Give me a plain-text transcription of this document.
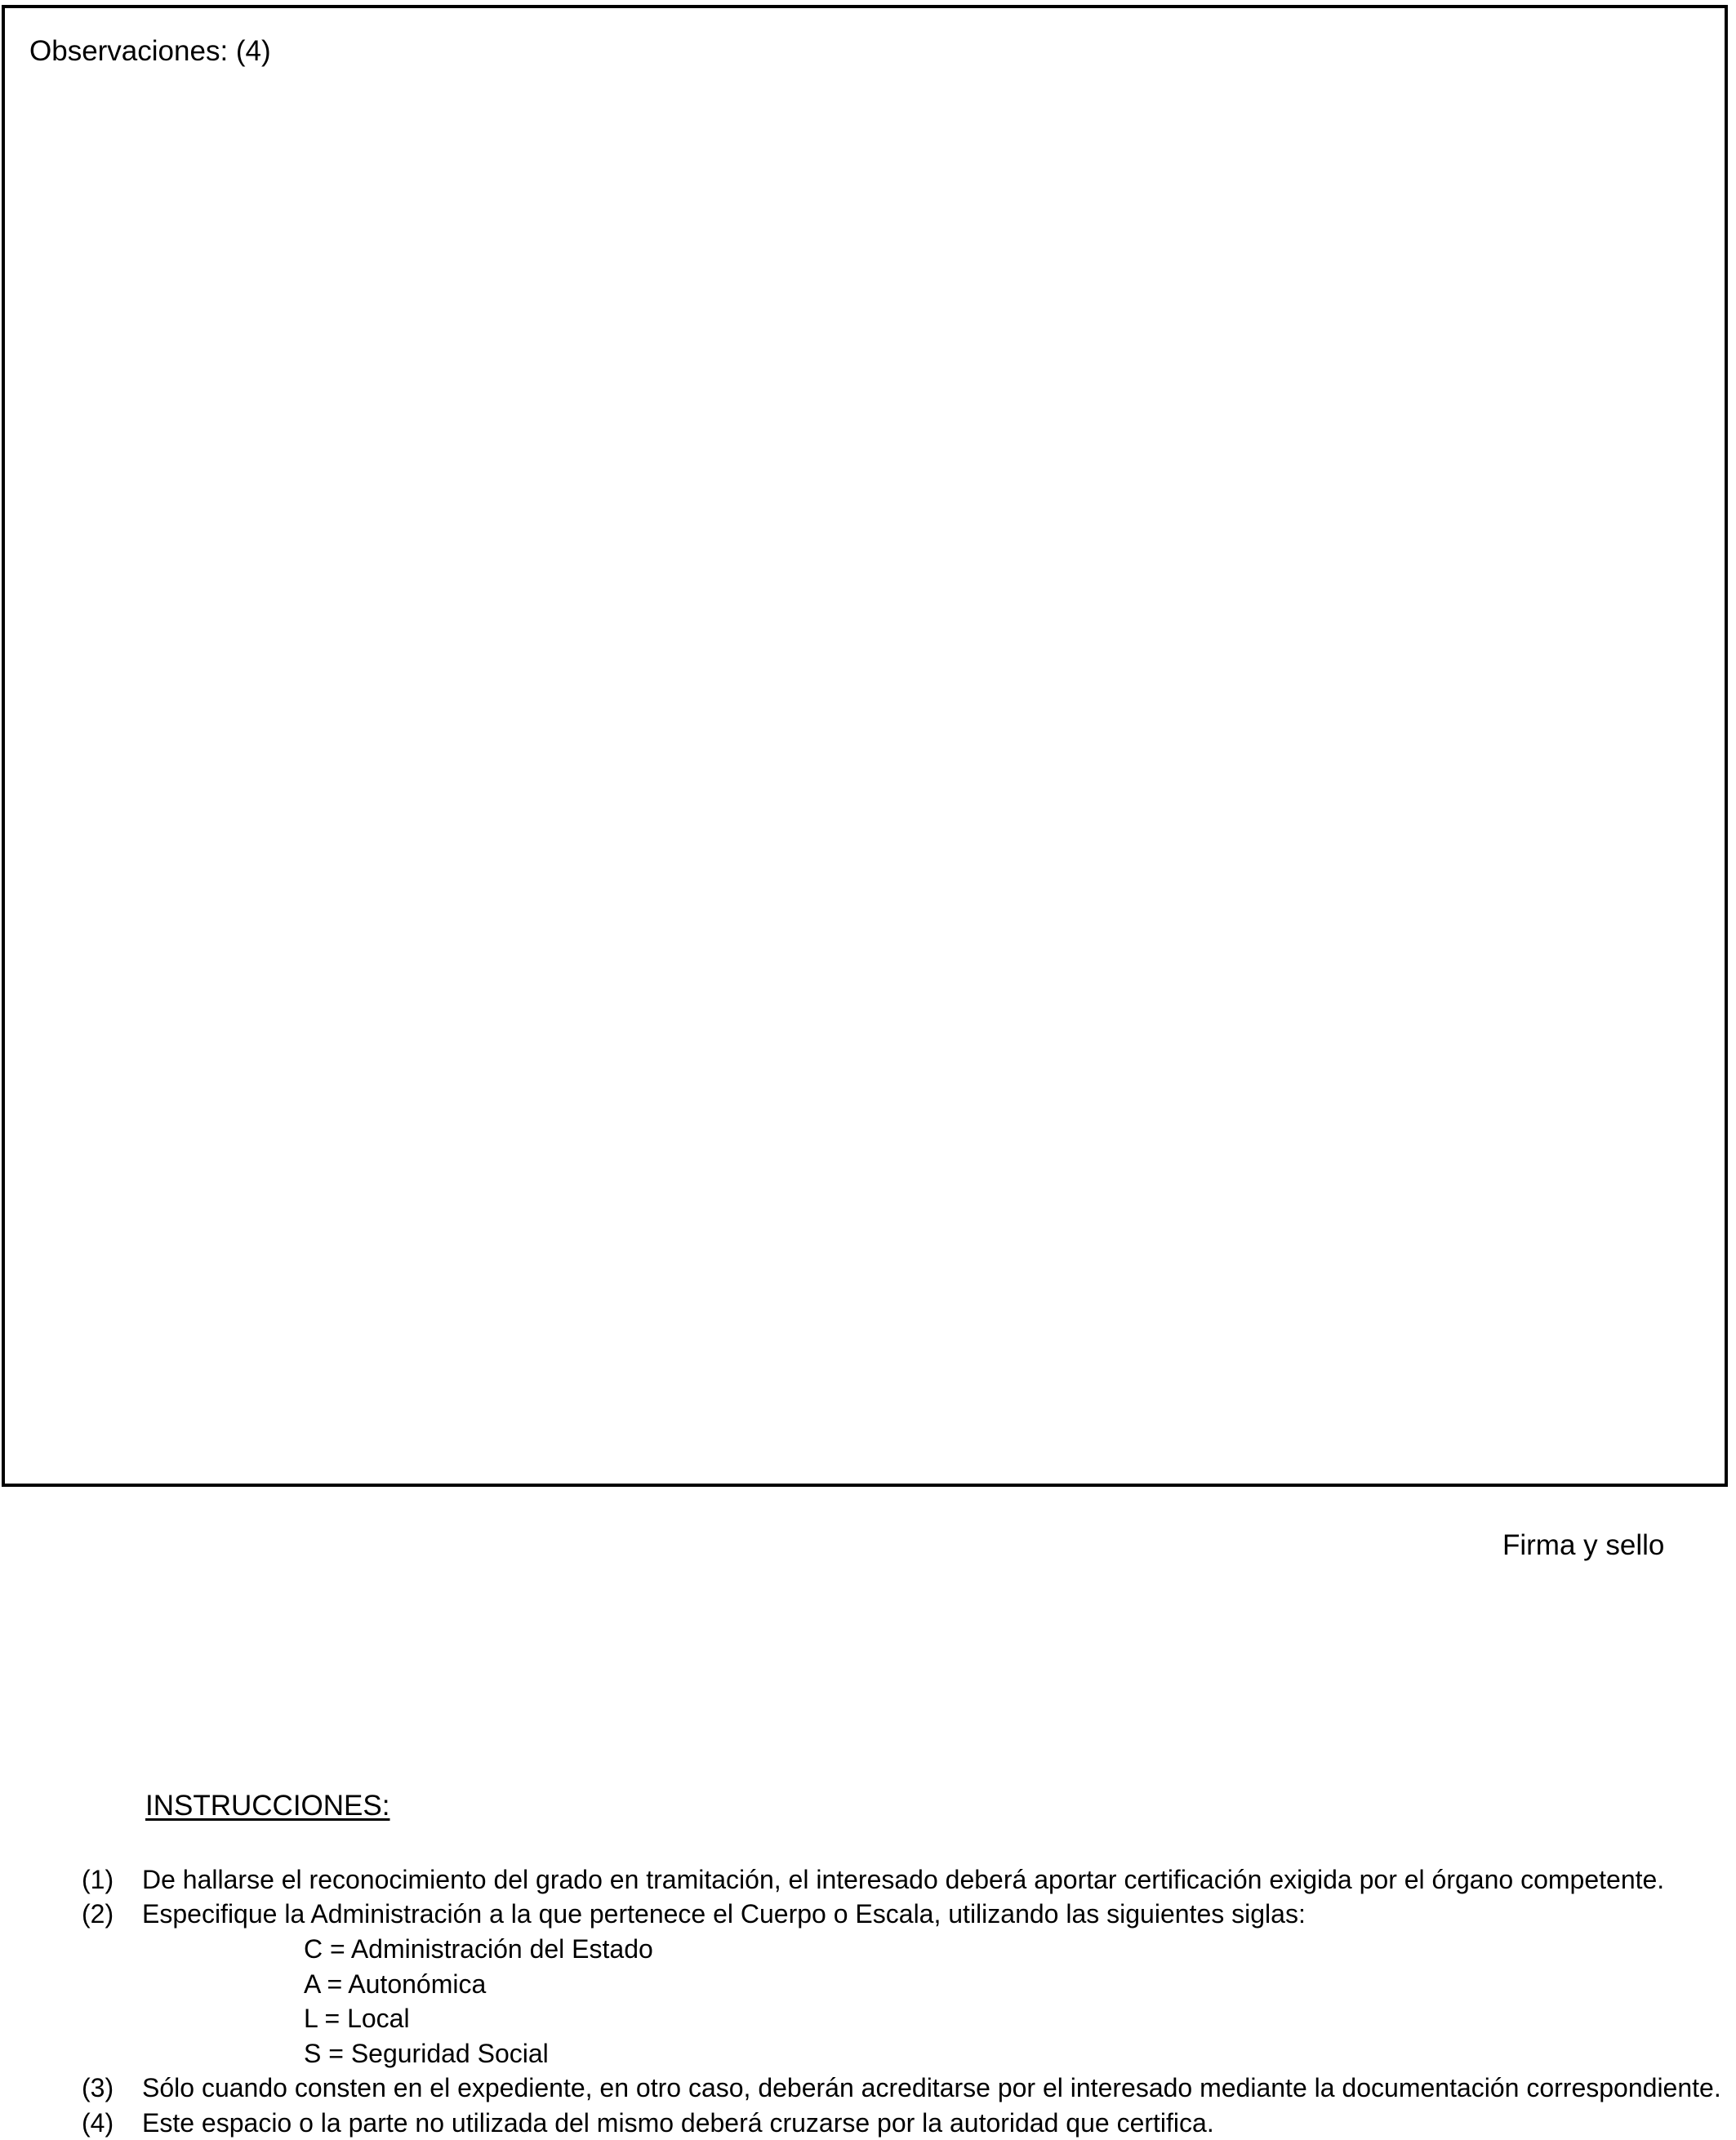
Observaciones: (4)
Firma y sello
INSTRUCCIONES:
(1) De hallarse el reconocimiento del grado en tramitación, el interesado deberá aportar certificación exigida por el órgano competente.
(2) Especifique la Administración a la que pertenece el Cuerpo o Escala, utilizando las siguientes siglas:
C = Administración del Estado
A = Autonómica
L = Local
S = Seguridad Social
(3) Sólo cuando consten en el expediente, en otro caso, deberán acreditarse por el interesado mediante la documentación correspondiente.
(4) Este espacio o la parte no utilizada del mismo deberá cruzarse por la autoridad que certifica.
